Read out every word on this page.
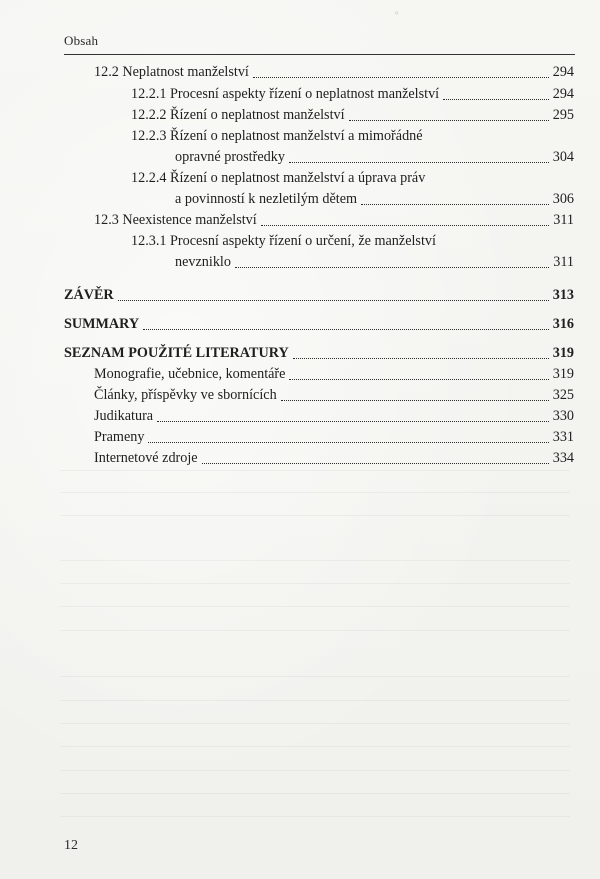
°
Obsah
12.2 Neplatnost manželství	294
12.2.1 Procesní aspekty řízení o neplatnost manželství	294
12.2.2 Řízení o neplatnost manželství	295
12.2.3 Řízení o neplatnost manželství a mimořádné
opravné prostředky	304
12.2.4 Řízení o neplatnost manželství a úprava práv
a povinností k nezletilým dětem	306
12.3 Neexistence manželství	311
12.3.1 Procesní aspekty řízení o určení, že manželství
nevzniklo	311
ZÁVĚR	313
SUMMARY	316
SEZNAM POUŽITÉ LITERATURY	319
Monografie, učebnice, komentáře	319
Články, příspěvky ve sbornících	325
Judikatura	330
Prameny	331
Internetové zdroje	334
12
